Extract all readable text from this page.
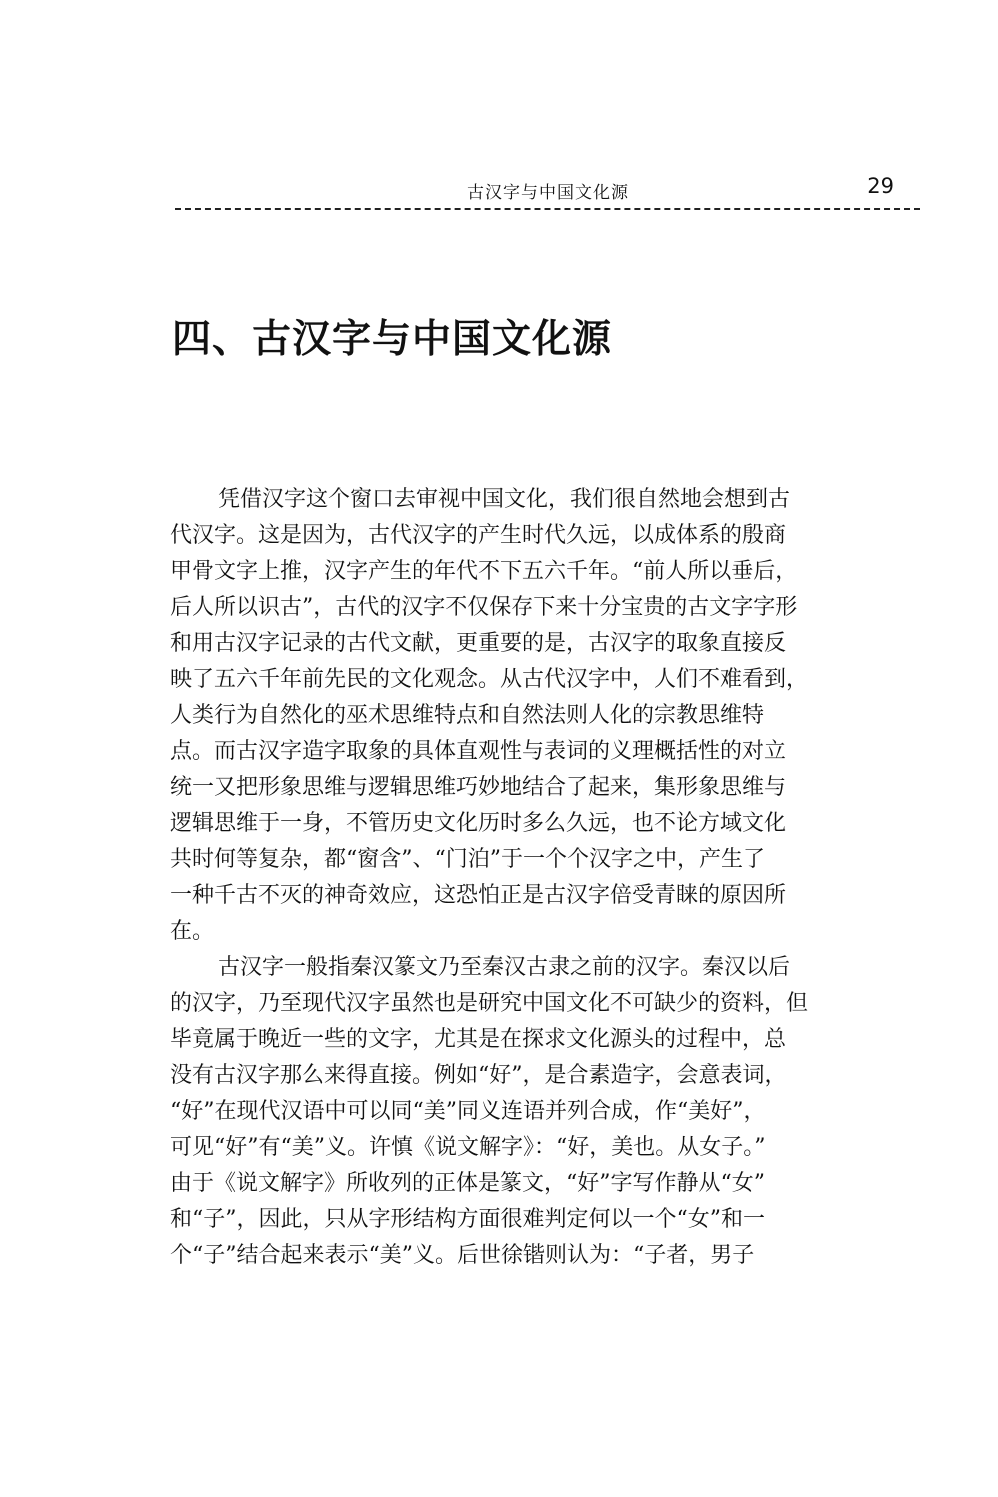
古汉字与中国文化源	29
四、古汉字与中国文化源
凭借汉字这个窗口去审视中国文化，我们很自然地会想到古
代汉字。这是因为，古代汉字的产生时代久远，以成体系的殷商
甲骨文字上推，汉字产生的年代不下五六千年。“前人所以垂后，
后人所以识古”，古代的汉字不仅保存下来十分宝贵的古文字字形
和用古汉字记录的古代文献，更重要的是，古汉字的取象直接反
映了五六千年前先民的文化观念。从古代汉字中，人们不难看到，
人类行为自然化的巫术思维特点和自然法则人化的宗教思维特
点。而古汉字造字取象的具体直观性与表词的义理概括性的对立
统一又把形象思维与逻辑思维巧妙地结合了起来，集形象思维与
逻辑思维于一身，不管历史文化历时多么久远，也不论方域文化
共时何等复杂，都“窗含”、“门泊”于一个个汉字之中，产生了
一种千古不灭的神奇效应，这恐怕正是古汉字倍受青睐的原因所
在。
古汉字一般指秦汉篆文乃至秦汉古隶之前的汉字。秦汉以后
的汉字，乃至现代汉字虽然也是研究中国文化不可缺少的资料，但
毕竟属于晚近一些的文字，尤其是在探求文化源头的过程中，总
没有古汉字那么来得直接。例如“好”，是合素造字，会意表词，
“好”在现代汉语中可以同“美”同义连语并列合成，作“美好”，
可见“好”有“美”义。许慎《说文解字》：“好，美也。从女子。”
由于《说文解字》所收列的正体是篆文，“好”字写作静从“女”
和“子”，因此，只从字形结构方面很难判定何以一个“女”和一
个“子”结合起来表示“美”义。后世徐锴则认为：“子者，男子
